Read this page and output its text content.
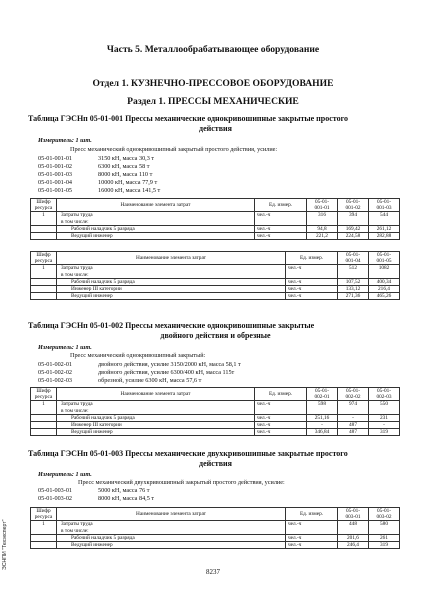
Часть 5. Металлообрабатывающее оборудование
Отдел 1. КУЗНЕЧНО-ПРЕССОВОЕ ОБОРУДОВАНИЕ
Раздел 1. ПРЕССЫ МЕХАНИЧЕСКИЕ
Таблица ГЭСНп 05-01-001 Прессы механические однокривошипные закрытые простого
действия
Измеритель: 1 шт.
Пресс механический однокривошипный закрытый простого действия, усилие:
05-01-001-01	3150 кН, масса 30,3 т
05-01-001-02	6300 кН, масса 58 т
05-01-001-03	8000 кН, масса 110 т
05-01-001-04	10000 кН, масса 77,9 т
05-01-001-05	16000 кН, масса 141,5 т
Шифр
ресурса	Наименование элемента затрат	Ед. измер.	05-01-
001-01	05-01-
001-02	05-01-
001-03

1	Затраты труда
в том числе:	чел.-ч	316	394	544
	Рабочий наладчик 5 разряда	чел.-ч	94,8	169,42	261,12
	Ведущий инженер	чел.-ч	221,2	224,58	282,88
Шифр
ресурса	Наименование элемента затрат	Ед. измер.	05-01-
001-04	05-01-
001-05

1	Затраты труда
в том числе:	чел.-ч	512	1082
	Рабочий наладчик 5 разряда	чел.-ч	107,52	400,34
	Инженер III категории	чел.-ч	133,12	216,4
	Ведущий инженер	чел.-ч	271,36	465,26
Таблица ГЭСНп 05-01-002 Прессы механические однокривошипные закрытые
двойного действия и обрезные
Измеритель: 1 шт.
Пресс механический однокривошипный закрытый:
05-01-002-01	двойного действия, усилие 3150/2000 кН, масса 58,1 т
05-01-002-02	двойного действия, усилие 6300/400 кН, масса 115т
05-01-002-03	обрезной, усилие 6300 кН, масса 57,6 т
Шифр
ресурса	Наименование элемента затрат	Ед. измер.	05-01-
002-01	05-01-
002-02	05-01-
002-03

1	Затраты труда
в том числе:	чел.-ч	598	974	550
	Рабочий наладчик 5 разряда	чел.-ч	251,16	-	231
	Инженер III категории	чел.-ч	-	487	-
	Ведущий инженер	чел.-ч	346,84	487	319
Таблица ГЭСНп 05-01-003 Прессы механические двухкривошипные закрытые простого
действия
Измеритель: 1 шт.
Пресс механический двухкривошипный закрытый простого действия, усилие:
05-01-003-01	5000 кН, масса 76 т
05-01-003-02	8000 кН, масса 84,5 т
Шифр
ресурса	Наименование элемента затрат	Ед. измер.	05-01-
003-01	05-01-
003-02

1	Затраты труда
в том числе:	чел.-ч	448	580
	Рабочий наладчик 5 разряда	чел.-ч	201,6	261
	Ведущий инженер	чел.-ч	246,4	319
8237
ЭСНПИ "Техэксперт"
